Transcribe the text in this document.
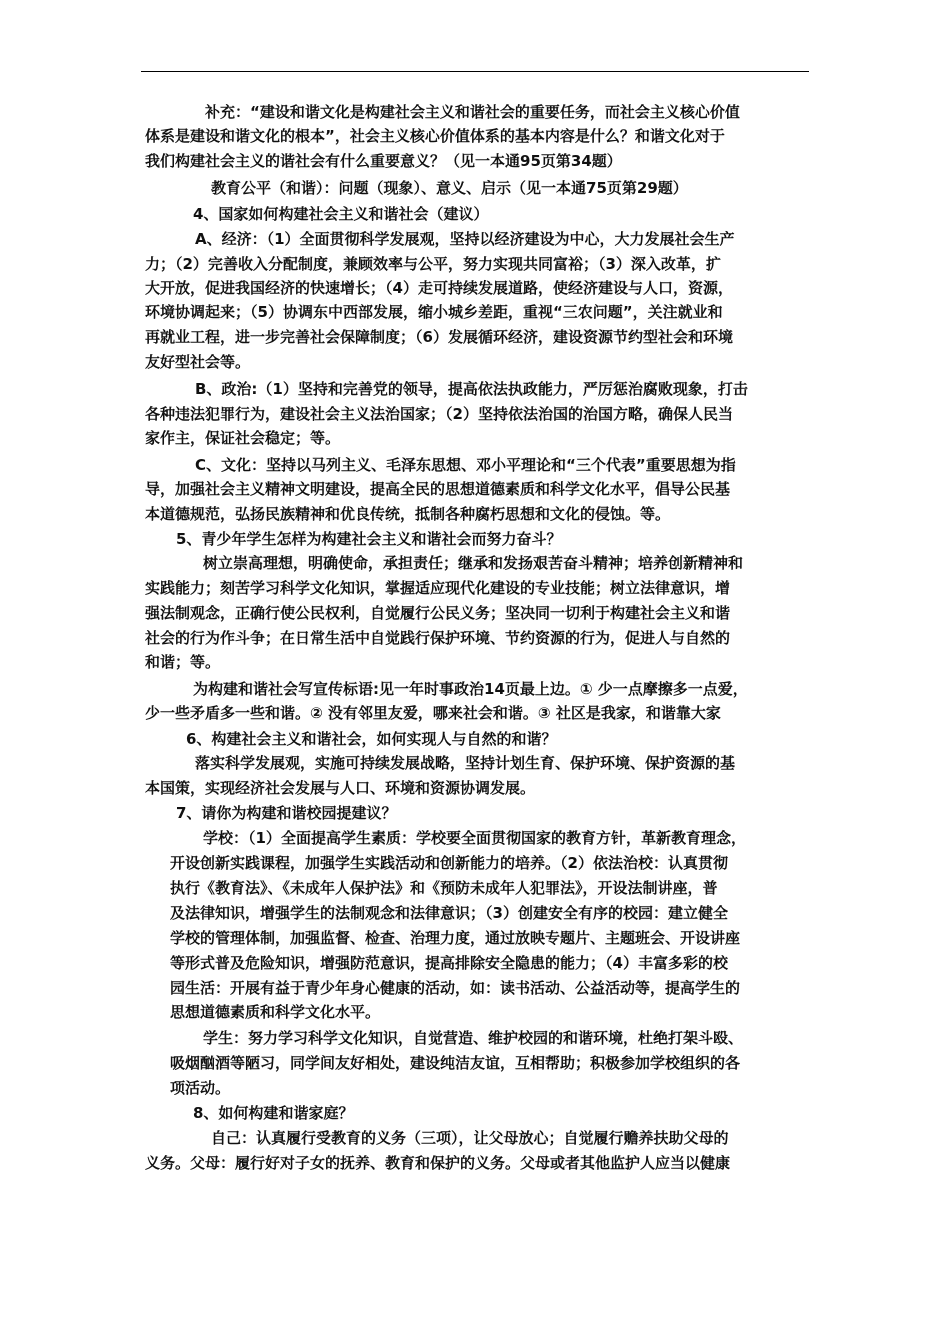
补充：“建设和谐文化是构建社会主义和谐社会的重要任务，而社会主义核心价值
体系是建设和谐文化的根本”，社会主义核心价值体系的基本内容是什么？和谐文化对于
我们构建社会主义的谐社会有什么重要意义？（见一本通95页第34题）
教育公平（和谐）：问题（现象）、意义、启示（见一本通75页第29题）
4、国家如何构建社会主义和谐社会（建议）
A、经济：（1）全面贯彻科学发展观，坚持以经济建设为中心，大力发展社会生产
力；（2）完善收入分配制度，兼顾效率与公平，努力实现共同富裕；（3）深入改革，扩
大开放，促进我国经济的快速增长；（4）走可持续发展道路，使经济建设与人口，资源，
环境协调起来；（5）协调东中西部发展，缩小城乡差距，重视“三农问题”，关注就业和
再就业工程，进一步完善社会保障制度；（6）发展循环经济，建设资源节约型社会和环境
友好型社会等。
B、政治:（1）坚持和完善党的领导，提高依法执政能力，严厉惩治腐败现象，打击
各种违法犯罪行为，建设社会主义法治国家；（2）坚持依法治国的治国方略，确保人民当
家作主，保证社会稳定；等。
C、文化：坚持以马列主义、毛泽东思想、邓小平理论和“三个代表”重要思想为指
导，加强社会主义精神文明建设，提高全民的思想道德素质和科学文化水平，倡导公民基
本道德规范，弘扬民族精神和优良传统，抵制各种腐朽思想和文化的侵蚀。等。
5、青少年学生怎样为构建社会主义和谐社会而努力奋斗？
树立崇高理想，明确使命，承担责任；继承和发扬艰苦奋斗精神；培养创新精神和
实践能力；刻苦学习科学文化知识，掌握适应现代化建设的专业技能；树立法律意识，增
强法制观念，正确行使公民权利，自觉履行公民义务；坚决同一切利于构建社会主义和谐
社会的行为作斗争；在日常生活中自觉践行保护环境、节约资源的行为，促进人与自然的
和谐；等。
为构建和谐社会写宣传标语:见一年时事政治14页最上边。① 少一点摩擦多一点爱，
少一些矛盾多一些和谐。② 没有邻里友爱，哪来社会和谐。③ 社区是我家，和谐靠大家
6、构建社会主义和谐社会，如何实现人与自然的和谐？
落实科学发展观，实施可持续发展战略，坚持计划生育、保护环境、保护资源的基
本国策，实现经济社会发展与人口、环境和资源协调发展。
7、请你为构建和谐校园提建议？
学校：（1）全面提高学生素质：学校要全面贯彻国家的教育方针，革新教育理念，
开设创新实践课程，加强学生实践活动和创新能力的培养。（2）依法治校：认真贯彻
执行《教育法》、《未成年人保护法》和《预防未成年人犯罪法》，开设法制讲座，普
及法律知识，增强学生的法制观念和法律意识；（3）创建安全有序的校园：建立健全
学校的管理体制，加强监督、检查、治理力度，通过放映专题片、主题班会、开设讲座
等形式普及危险知识，增强防范意识，提高排除安全隐患的能力；（4）丰富多彩的校
园生活：开展有益于青少年身心健康的活动，如：读书活动、公益活动等，提高学生的
思想道德素质和科学文化水平。
学生：努力学习科学文化知识，自觉营造、维护校园的和谐环境，杜绝打架斗殴、
吸烟酗酒等陋习，同学间友好相处，建设纯洁友谊，互相帮助；积极参加学校组织的各
项活动。
8、如何构建和谐家庭？
自己：认真履行受教育的义务（三项），让父母放心；自觉履行赡养扶助父母的
义务。父母：履行好对子女的抚养、教育和保护的义务。父母或者其他监护人应当以健康
